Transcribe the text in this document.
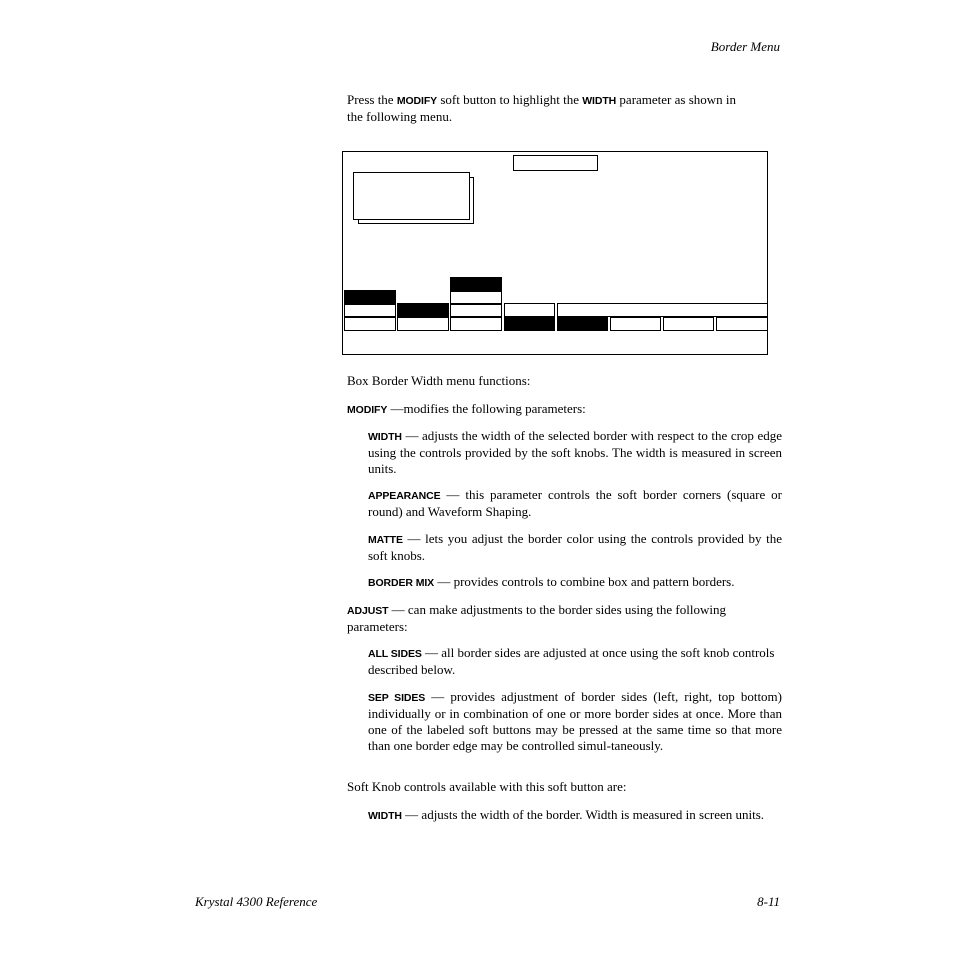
Border Menu
Press the MODIFY soft button to highlight the WIDTH parameter as shown in
the following menu.
Box Border Width menu functions:
MODIFY —modifies the following parameters:
WIDTH — adjusts the width of the selected border with respect to the crop edge using the controls provided by the soft knobs. The width is measured in screen units.
APPEARANCE — this parameter controls the soft border corners (square or round) and Waveform Shaping.
MATTE — lets you adjust the border color using the controls provided by the soft knobs.
BORDER MIX — provides controls to combine box and pattern borders.
ADJUST — can make adjustments to the border sides using the following parameters:
ALL SIDES — all border sides are adjusted at once using the soft knob controls described below.
SEP SIDES — provides adjustment of border sides (left, right, top bottom) individually or in combination of one or more border sides at once. More than one of the labeled soft buttons may be pressed at the same time so that more than one border edge may be controlled simul-taneously.
Soft Knob controls available with this soft button are:
WIDTH — adjusts the width of the border. Width is measured in screen units.
Krystal 4300 Reference	8-11
